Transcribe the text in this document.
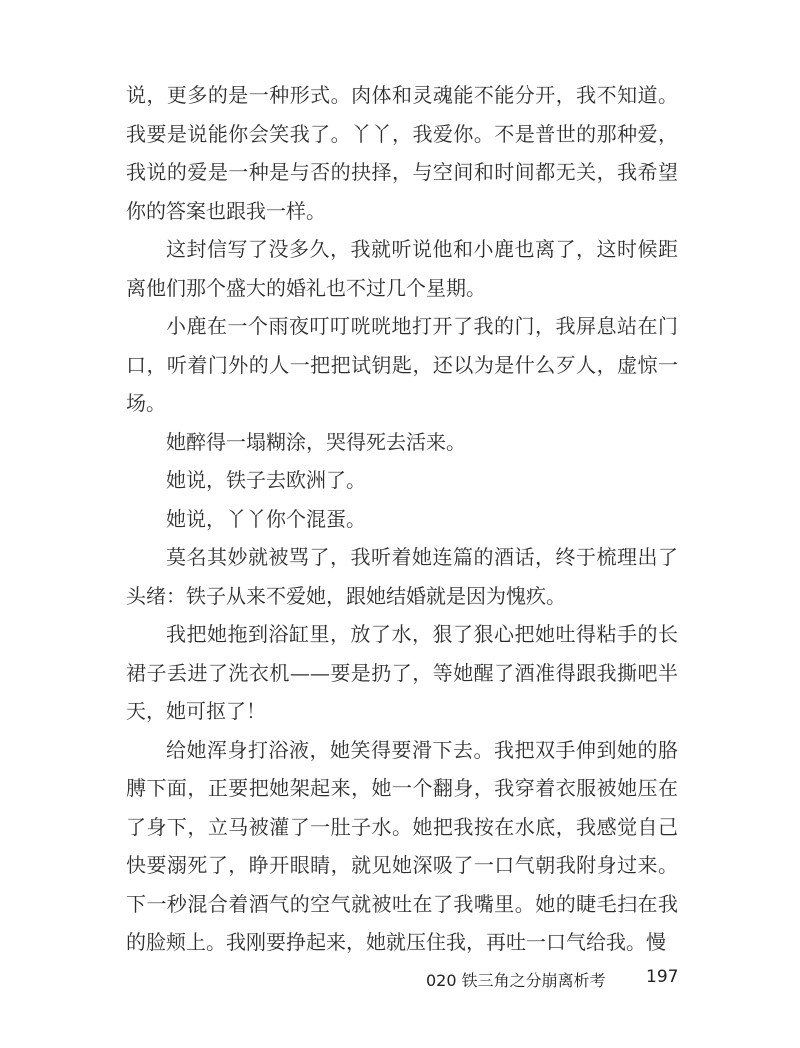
说，更多的是一种形式。肉体和灵魂能不能分开，我不知道。我要是说能你会笑我了。丫丫，我爱你。不是普世的那种爱，我说的爱是一种是与否的抉择，与空间和时间都无关，我希望你的答案也跟我一样。

这封信写了没多久，我就听说他和小鹿也离了，这时候距离他们那个盛大的婚礼也不过几个星期。

小鹿在一个雨夜叮叮咣咣地打开了我的门，我屏息站在门口，听着门外的人一把把试钥匙，还以为是什么歹人，虚惊一场。

她醉得一塌糊涂，哭得死去活来。

她说，铁子去欧洲了。

她说，丫丫你个混蛋。

莫名其妙就被骂了，我听着她连篇的酒话，终于梳理出了头绪：铁子从来不爱她，跟她结婚就是因为愧疚。

我把她拖到浴缸里，放了水，狠了狠心把她吐得粘手的长裙子丢进了洗衣机——要是扔了，等她醒了酒准得跟我撕吧半天，她可抠了！

给她浑身打浴液，她笑得要滑下去。我把双手伸到她的胳膊下面，正要把她架起来，她一个翻身，我穿着衣服被她压在了身下，立马被灌了一肚子水。她把我按在水底，我感觉自己快要溺死了，睁开眼睛，就见她深吸了一口气朝我附身过来。下一秒混合着酒气的空气就被吐在了我嘴里。她的睫毛扫在我的脸颊上。我刚要挣起来，她就压住我，再吐一口气给我。慢

020 铁三角之分崩离析考 197
